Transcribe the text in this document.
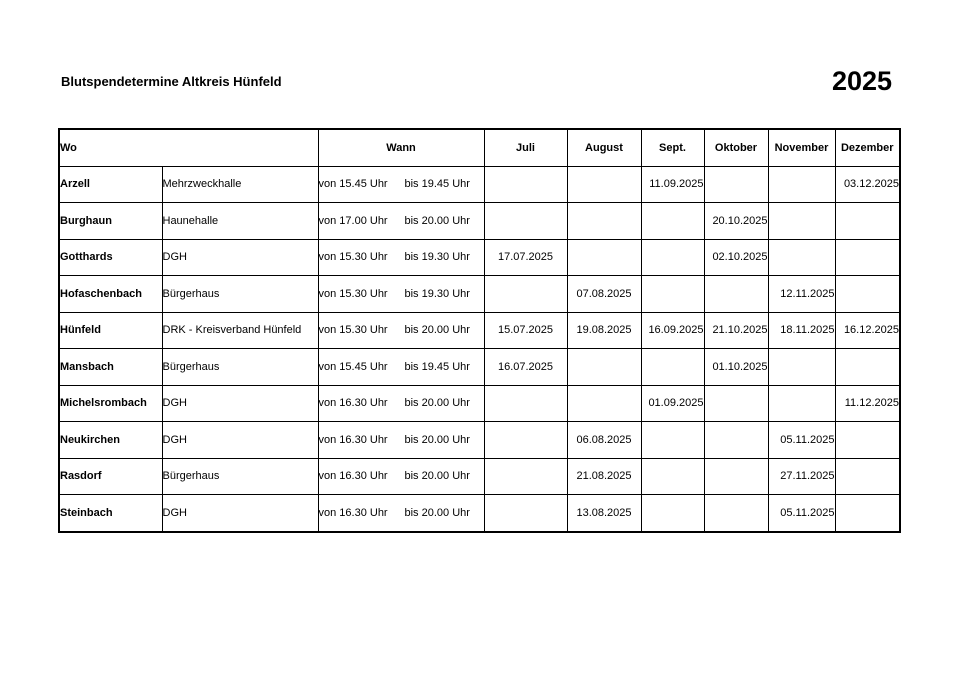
Blutspendetermine Altkreis Hünfeld	2025
Wo		Wann	Juli	August	Sept.	Oktober	November	Dezember
Arzell	Mehrzweckhalle	von 15.45 Uhr bis 19.45 Uhr			11.09.2025			03.12.2025
Burghaun	Haunehalle	von 17.00 Uhr bis 20.00 Uhr				20.10.2025		
Gotthards	DGH	von 15.30 Uhr bis 19.30 Uhr	17.07.2025			02.10.2025		
Hofaschenbach	Bürgerhaus	von 15.30 Uhr bis 19.30 Uhr		07.08.2025			12.11.2025	
Hünfeld	DRK - Kreisverband Hünfeld	von 15.30 Uhr bis 20.00 Uhr	15.07.2025	19.08.2025	16.09.2025	21.10.2025	18.11.2025	16.12.2025
Mansbach	Bürgerhaus	von 15.45 Uhr bis 19.45 Uhr	16.07.2025			01.10.2025		
Michelsrombach	DGH	von 16.30 Uhr bis 20.00 Uhr			01.09.2025			11.12.2025
Neukirchen	DGH	von 16.30 Uhr bis 20.00 Uhr		06.08.2025			05.11.2025	
Rasdorf	Bürgerhaus	von 16.30 Uhr bis 20.00 Uhr		21.08.2025			27.11.2025	
Steinbach	DGH	von 16.30 Uhr bis 20.00 Uhr		13.08.2025			05.11.2025	
